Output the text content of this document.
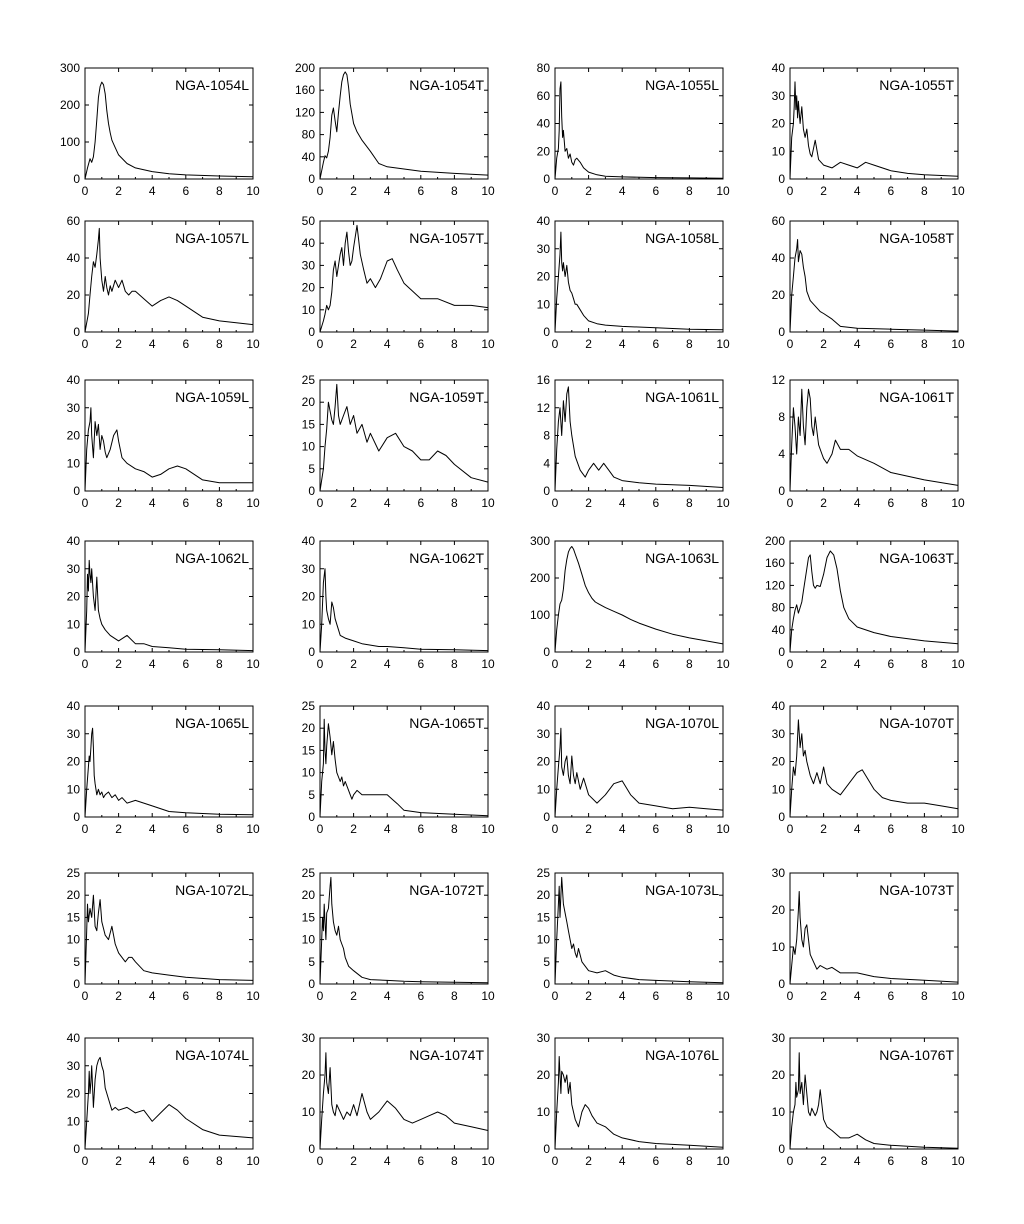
0 2 4 6 8 10
0
100
200
300
NGA-1054L
0 2 4 6 8 10
0
40
80
120
160
200
NGA-1054T
0 2 4 6 8 10
0
20
40
60
80
NGA-1055L
0 2 4 6 8 10
0
10
20
30
40
NGA-1055T
0 2 4 6 8 10
0
20
40
60
NGA-1057L
0 2 4 6 8 10
0
10
20
30
40
50
NGA-1057T
0 2 4 6 8 10
0
10
20
30
40
NGA-1058L
0 2 4 6 8 10
0
20
40
60
NGA-1058T
0 2 4 6 8 10
0
10
20
30
40
NGA-1059L
0 2 4 6 8 10
0
5
10
15
20
25
NGA-1059T
0 2 4 6 8 10
0
4
8
12
16
NGA-1061L
0 2 4 6 8 10
0
4
8
12
NGA-1061T
0 2 4 6 8 10
0
10
20
30
40
NGA-1062L
0 2 4 6 8 10
0
10
20
30
40
NGA-1062T
0 2 4 6 8 10
0
100
200
300
NGA-1063L
0 2 4 6 8 10
0
40
80
120
160
200
NGA-1063T
0 2 4 6 8 10
0
10
20
30
40
NGA-1065L
0 2 4 6 8 10
0
5
10
15
20
25
NGA-1065T
0 2 4 6 8 10
0
10
20
30
40
NGA-1070L
0 2 4 6 8 10
0
10
20
30
40
NGA-1070T
0 2 4 6 8 10
0
5
10
15
20
25
NGA-1072L
0 2 4 6 8 10
0
5
10
15
20
25
NGA-1072T
0 2 4 6 8 10
0
5
10
15
20
25
NGA-1073L
0 2 4 6 8 10
0
10
20
30
NGA-1073T
0 2 4 6 8 10
0
10
20
30
40
NGA-1074L
0 2 4 6 8 10
0
10
20
30
NGA-1074T
0 2 4 6 8 10
0
10
20
30
NGA-1076L
0 2 4 6 8 10
0
10
20
30
NGA-1076T
